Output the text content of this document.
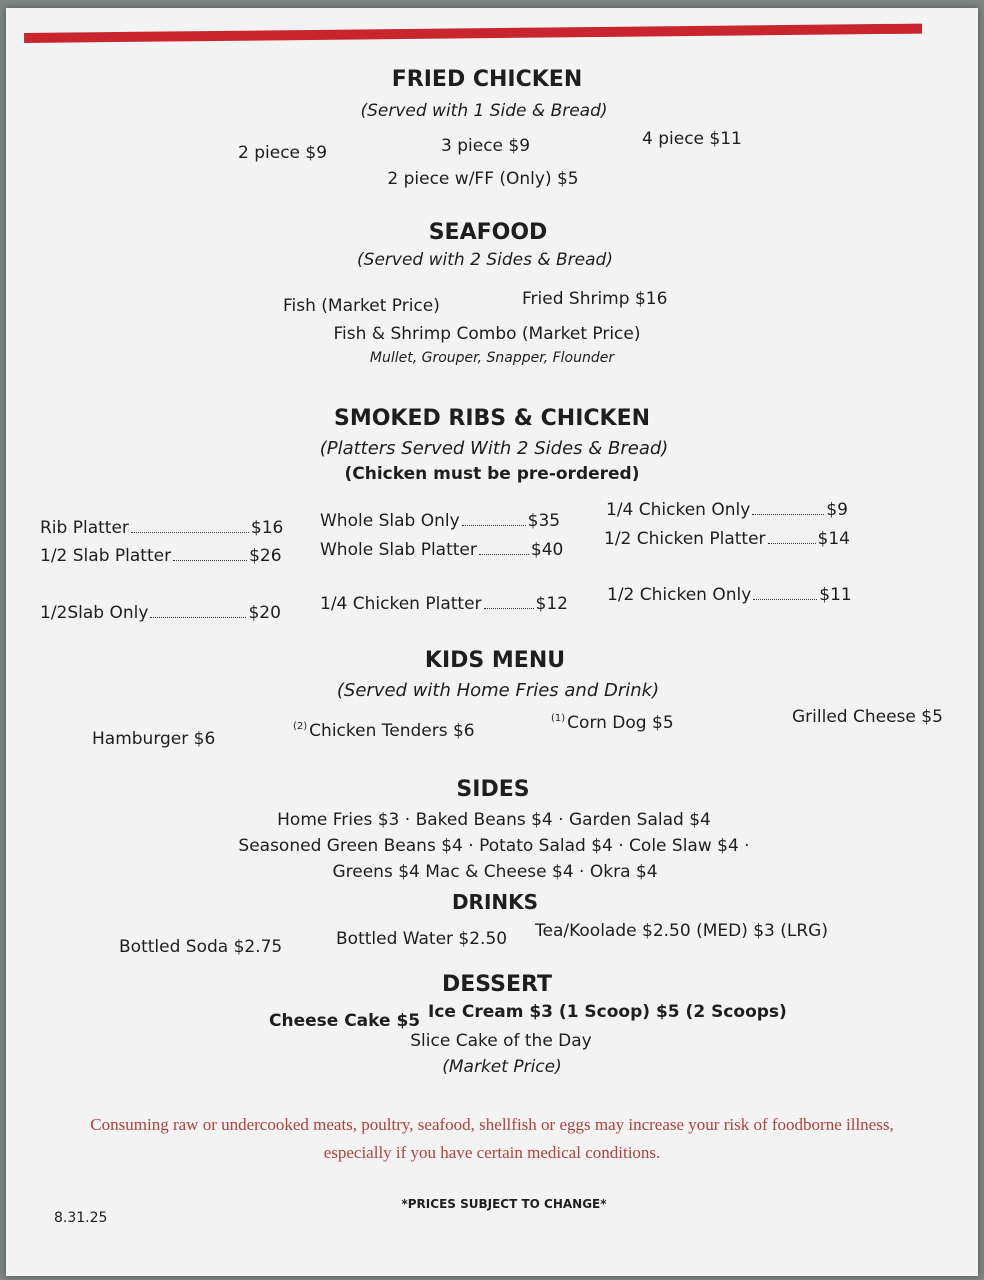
FRIED CHICKEN
(Served with 1 Side & Bread)
2 piece $9	3 piece $9	4 piece $11
2 piece w/FF (Only) $5
SEAFOOD
(Served with 2 Sides & Bread)
Fish (Market Price)	Fried Shrimp $16
Fish & Shrimp Combo (Market Price)
Mullet, Grouper, Snapper, Flounder
SMOKED RIBS & CHICKEN
(Platters Served With 2 Sides & Bread)
(Chicken must be pre-ordered)
Rib Platter	$16
1/2 Slab Platter	$26
1/2Slab Only	$20
Whole Slab Only	$35
Whole Slab Platter	$40
1/4 Chicken Platter	$12
1/4 Chicken Only	$9
1/2 Chicken Platter	$14
1/2 Chicken Only	$11
KIDS MENU
(Served with Home Fries and Drink)
Hamburger $6
$^{(2)}$ Chicken Tenders $6
$^{(1)}$ Corn Dog $5	Grilled Cheese $5
SIDES
Home Fries $3 · Baked Beans $4 · Garden Salad $4
Seasoned Green Beans $4 · Potato Salad $4 · Cole Slaw $4 ·
Greens $4 Mac & Cheese $4 · Okra $4
DRINKS
Bottled Soda $2.75	Bottled Water $2.50 Tea/Koolade $2.50 (MED) $3 (LRG)
DESSERT
Cheese Cake $5 Ice Cream $3 (1 Scoop) $5 (2 Scoops)
Slice Cake of the Day
(Market Price)
Consuming raw or undercooked meats, poultry, seafood, shellfish or eggs may increase your risk of foodborne illness,
especially if you have certain medical conditions.
*PRICES SUBJECT TO CHANGE*
8.31.25
